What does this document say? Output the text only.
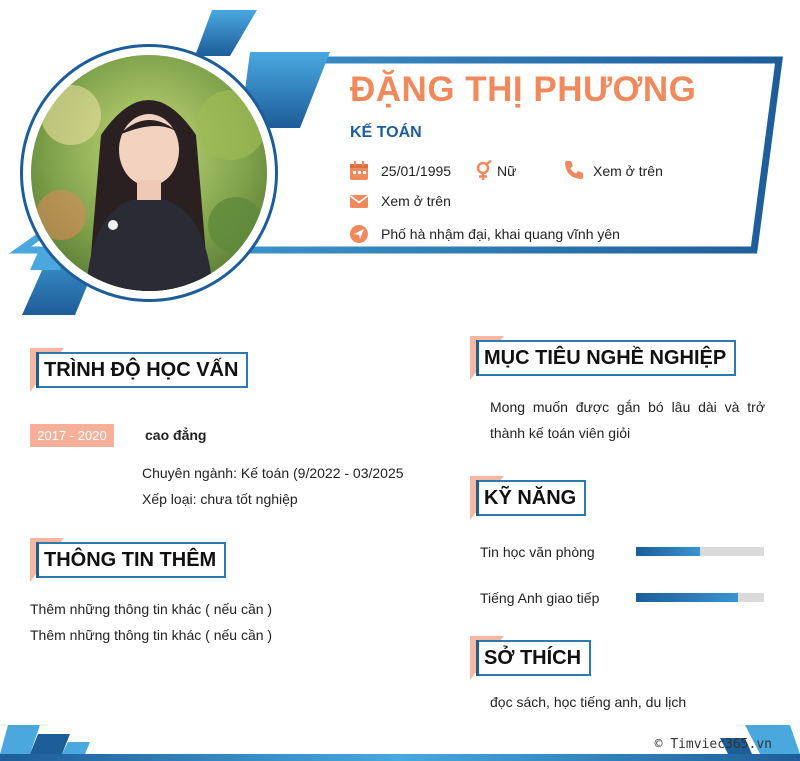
ĐẶNG THỊ PHƯƠNG
KẾ TOÁN
25/01/1995	Nữ	Xem ở trên
Xem ở trên
Phố hà nhậm đại, khai quang vĩnh yên
TRÌNH ĐỘ HỌC VẤN
2017 - 2020	cao đẳng
Chuyên ngành: Kế toán (9/2022 - 03/2025
Xếp loại: chưa tốt nghiệp
THÔNG TIN THÊM
Thêm những thông tin khác ( nếu cần )
Thêm những thông tin khác ( nếu cần )
MỤC TIÊU NGHỀ NGHIỆP
Mong muốn được gắn bó lâu dài và trở
thành kế toán viên giỏi
KỸ NĂNG
Tin học văn phòng
Tiếng Anh giao tiếp
SỞ THÍCH
đọc sách, học tiếng anh, du lịch
© Timviec365.vn
